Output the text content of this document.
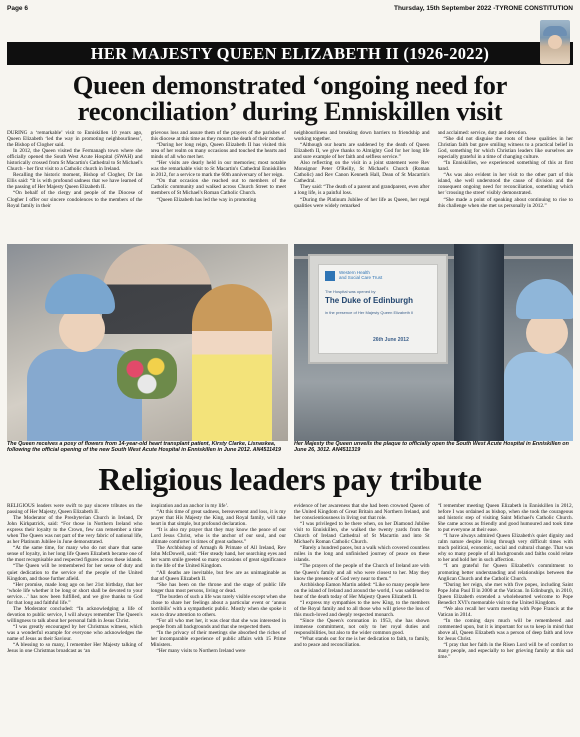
Page 6	Thursday, 15th September 2022 -TYRONE CONSTITUTION
HER MAJESTY QUEEN ELIZABETH II (1926-2022)
Queen demonstrated ‘ongoing need for
reconciliation’ during Enniskillen visit

DURING a ‘remarkable’ visit to Enniskillen 10 years ago, Queen Elizabeth ‘led the way in promoting neighbourliness’, the Bishop of Clogher said.

In 2012, the Queen visited the Fermanagh town where she officially opened the South West Acute Hospital (SWAH) and historically crossed from St Macartin's Cathedral to St Michael's Church - her first visit to a Catholic church in Ireland.

Recalling the historic moment, Bishop of Clogher, Dr Ian Ellis said: “It is with profound sadness that we have learned of the passing of Her Majesty Queen Elizabeth II.

“On behalf of the clergy and people of the Diocese of Clogher I offer our sincere condolences to the members of the Royal family in their

grievous loss and assure them of the prayers of the parishes of this diocese at this time as they mourn the death of their mother.

“During her long reign, Queen Elizabeth II has visited this area of her realm on many occasions and touched the hearts and minds of all who met her.

“Her visits are dearly held in our memories; most notable was the remarkable visit to St Macartin's Cathedral Enniskillen in 2012, for a service to mark the 60th anniversary of her reign.

“On that occasion she reached out to members of the Catholic community and walked across Church Street to meet members of St Michael's Roman Catholic Church.

“Queen Elizabeth has led the way in promoting

neighbourliness and breaking down barriers to friendship and working together.

“Although our hearts are saddened by the death of Queen Elizabeth II, we give thanks to Almighty God for her long life and sure example of her faith and selfless service.”

Also reflecting on the visit in a joint statement were Rev Monsignor Peter O'Reilly, St Michael's Church (Roman Catholic) and Rev Canon Kenneth Hall, Dean of St Macartin's Cathedral.

They said: “The death of a parent and grandparent, even after a long life, is a painful loss.

“During the Platinum Jubilee of her life as Queen, her regal qualities were widely remarked

and acclaimed: service, duty and devotion.

“She did not disguise the roots of these qualities in her Christian faith but gave smiling witness to a practical belief in God, something for which Christian leaders like ourselves are especially grateful in a time of changing culture.

“In Enniskillen, we experienced something of this at first hand.

“As was also evident in her visit to the other part of this island, she well understood the cause of division and the consequent ongoing need for reconciliation, something which her 'crossing the street' visibly demonstrated.

“She made a point of speaking about continuing to rise to this challenge when she met us personally in 2012.”

Western Health
and Social Care Trust
The Hospital was opened by
The Duke of Edinburgh
in the presence of Her Majesty Queen Elizabeth II
26th June 2012
The Queen receives a posy of flowers from 14-year-old heart transplant patient, Kirsty Clarke, Lisnaskea, following the official opening of the new South West Acute Hospital in Enniskillen in June 2012. AN4511419
Her Majesty the Queen unveils the plaque to officially open the South West Acute Hospital in Enniskillen on June 26, 3012. AN4511319
Religious leaders pay tribute

RELIGIOUS leaders were swift to pay sincere tributes on the passing of Her Majesty, Queen Elizabeth II.

The Moderator of the Presbyterian Church in Ireland, Dr John Kirkpatrick, said: “For those in Northern Ireland who express their loyalty to the Crown, few can remember a time when The Queen was not part of the very fabric of national life, as her Platinum Jubilee in June demonstrated.

“At the same time, for many who do not share that same sense of loyalty, in her long life Queen Elizabeth became one of the most recognisable and respected figures across these islands.

“The Queen will be remembered for her sense of duty and quiet dedication to the service of the people of the United Kingdom, and those further afield.

“Her promise, made long ago on her 21st birthday, that her ‘whole life whether it be long or short shall be devoted to your service…’ has now been fulfilled, and we give thanks to God for that long and faithful life.”

The Moderator concluded: “In acknowledging a life of devotion to public service, I will always remember The Queen's willingness to talk about her personal faith in Jesus Christ.

“I was greatly encouraged by her Christmas witness, which was a wonderful example for everyone who acknowledges the name of Jesus as their Saviour.

“A blessing to so many, I remember Her Majesty talking of Jesus in one Christmas broadcast as ‘an

inspiration and an anchor in my life’.

“At this time of great sadness, bereavement and loss, it is my prayer that His Majesty the King, and Royal family, will take heart in that simple, but profound declaration.

“It is also my prayer that they may know the peace of our Lord Jesus Christ, who is the anchor of our soul, and our ultimate comforter in times of great sadness.”

The Archbishop of Armagh & Primate of All Ireland, Rev John McDowell, said: “Her steady hand, her searching eyes and her warm smile greeted so many occasions of great significance in the life of the United Kingdom.

“All deaths are inevitable, but few are as unimaginable as that of Queen Elizabeth II.

“She has been on the throne and the stage of public life longer than most persons, living or dead.

“The burden of such a life was rarely visible except when she chose to share her feelings about a particular event or ‘annus horribilis’ with a sympathetic public. Mostly when she spoke it was to draw attention to others.

“For all who met her, it was clear that she was interested in people from all backgrounds and that she respected them.

“In the privacy of their meetings she absorbed the riches of her incomparable experience of public affairs with 15 Prime Ministers.

“Her many visits to Northern Ireland were

evidence of her awareness that she had been crowned Queen of the United Kingdom of Great Britain and Northern Ireland, and her conscientiousness in living out that role.

“I was privileged to be there when, on her Diamond Jubilee visit to Enniskillen, she walked the twenty yards from the Church of Ireland Cathedral of St Macartin and into St Michael's Roman Catholic Church.

“Barely a hundred paces, but a walk which covered countless miles in the long and unfinished journey of peace on these islands.

“The prayers of the people of the Church of Ireland are with the Queen's family and all who were closest to her. May they know the presence of God very near to them.”

Archbishop Eamon Martin added: “Like so many people here on the island of Ireland and around the world, I was saddened to hear of the death today of Her Majesty Queen Elizabeth II.

“I express my sympathies to the new King, to the members of the Royal family and to all those who will grieve the loss of this much-loved and deeply respected monarch.

“Since the Queen's coronation in 1953, she has shown immense commitment, not only to her royal duties and responsibilities, but also to the wider common good.

“What stands out for me is her dedication to faith, to family, and to peace and reconciliation.

“I remember meeting Queen Elizabeth in Enniskillen in 2012, before I was ordained as bishop, when she took the courageous and historic step of visiting Saint Michael's Catholic Church. She came across as friendly and good humoured and took time to put everyone at their ease.

“I have always admired Queen Elizabeth's quiet dignity and calm nature despite living through very difficult times with much political, economic, social and cultural change. That was why so many people of all backgrounds and faiths could relate to her and hold her in such affection.

“I am grateful for Queen Elizabeth's commitment to promoting better understanding and relationships between the Anglican Church and the Catholic Church.

“During her reign, she met with five popes, including Saint Pope John Paul II in 2000 at the Vatican. In Edinburgh, in 2010, Queen Elizabeth extended a wholehearted welcome to Pope Benedict XVI's memorable visit to the United Kingdom.

“We also recall her warm meeting with Pope Francis at the Vatican in 2014.

“In the coming days much will be remembered and commented upon, but it is important for us to keep in mind that above all, Queen Elizabeth was a person of deep faith and love for Jesus Christ.

“I pray that her faith in the Risen Lord will be of comfort to many people, and especially to her grieving family at this sad time.”
